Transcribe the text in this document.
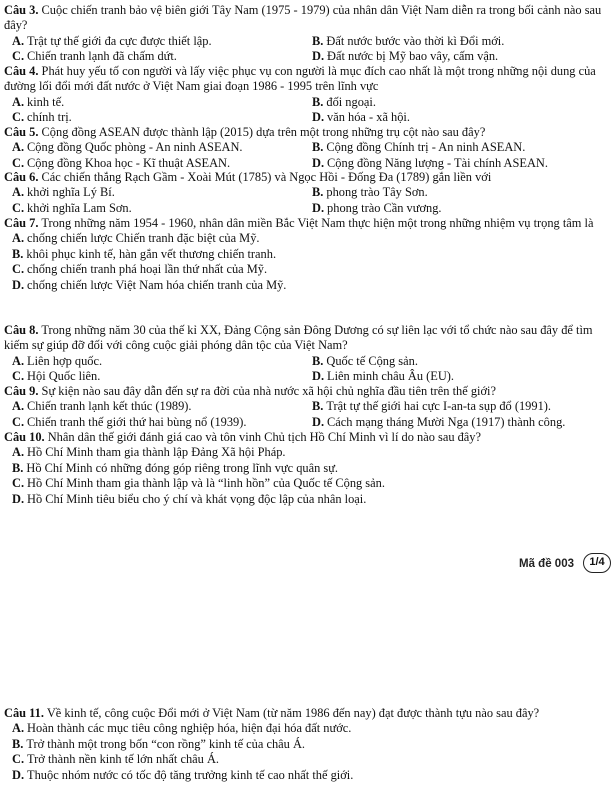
Câu 3. Cuộc chiến tranh bảo vệ biên giới Tây Nam (1975 - 1979) của nhân dân Việt Nam diễn ra trong bối cảnh nào sau đây?

A. Trật tự thế giới đa cực được thiết lập.	B. Đất nước bước vào thời kì Đổi mới.
C. Chiến tranh lạnh đã chấm dứt.	D. Đất nước bị Mỹ bao vây, cấm vận.

Câu 4. Phát huy yếu tố con người và lấy việc phục vụ con người là mục đích cao nhất là một trong những nội dung của đường lối đổi mới đất nước ở Việt Nam giai đoạn 1986 - 1995 trên lĩnh vực

A. kinh tế.	B. đối ngoại.
C. chính trị.	D. văn hóa - xã hội.

Câu 5. Cộng đồng ASEAN được thành lập (2015) dựa trên một trong những trụ cột nào sau đây?

A. Cộng đồng Quốc phòng - An ninh ASEAN.	B. Cộng đồng Chính trị - An ninh ASEAN.
C. Cộng đồng Khoa học - Kĩ thuật ASEAN.	D. Cộng đồng Năng lượng - Tài chính ASEAN.

Câu 6. Các chiến thắng Rạch Gầm - Xoài Mút (1785) và Ngọc Hồi - Đống Đa (1789) gắn liền với

A. khởi nghĩa Lý Bí.	B. phong trào Tây Sơn.
C. khởi nghĩa Lam Sơn.	D. phong trào Cần vương.

Câu 7. Trong những năm 1954 - 1960, nhân dân miền Bắc Việt Nam thực hiện một trong những nhiệm vụ trọng tâm là

A. chống chiến lược Chiến tranh đặc biệt của Mỹ.
B. khôi phục kinh tế, hàn gắn vết thương chiến tranh.
C. chống chiến tranh phá hoại lần thứ nhất của Mỹ.
D. chống chiến lược Việt Nam hóa chiến tranh của Mỹ.

Câu 8. Trong những năm 30 của thế kỉ XX, Đảng Cộng sản Đông Dương có sự liên lạc với tổ chức nào sau đây để tìm kiếm sự giúp đỡ đối với công cuộc giải phóng dân tộc của Việt Nam?

A. Liên hợp quốc.	B. Quốc tế Cộng sản.
C. Hội Quốc liên.	D. Liên minh châu Âu (EU).

Câu 9. Sự kiện nào sau đây dẫn đến sự ra đời của nhà nước xã hội chủ nghĩa đầu tiên trên thế giới?

A. Chiến tranh lạnh kết thúc (1989).	B. Trật tự thế giới hai cực I-an-ta sụp đổ (1991).
C. Chiến tranh thế giới thứ hai bùng nổ (1939).	D. Cách mạng tháng Mười Nga (1917) thành công.

Câu 10. Nhân dân thế giới đánh giá cao và tôn vinh Chủ tịch Hồ Chí Minh vì lí do nào sau đây?

A. Hồ Chí Minh tham gia thành lập Đảng Xã hội Pháp.
B. Hồ Chí Minh có những đóng góp riêng trong lĩnh vực quân sự.
C. Hồ Chí Minh tham gia thành lập và là “linh hồn” của Quốc tế Cộng sản.
D. Hồ Chí Minh tiêu biểu cho ý chí và khát vọng độc lập của nhân loại.
Mã đề 003	1/4

Câu 11. Về kinh tế, công cuộc Đổi mới ở Việt Nam (từ năm 1986 đến nay) đạt được thành tựu nào sau đây?

A. Hoàn thành các mục tiêu công nghiệp hóa, hiện đại hóa đất nước.
B. Trở thành một trong bốn “con rồng” kinh tế của châu Á.
C. Trở thành nền kinh tế lớn nhất châu Á.
D. Thuộc nhóm nước có tốc độ tăng trưởng kinh tế cao nhất thế giới.
